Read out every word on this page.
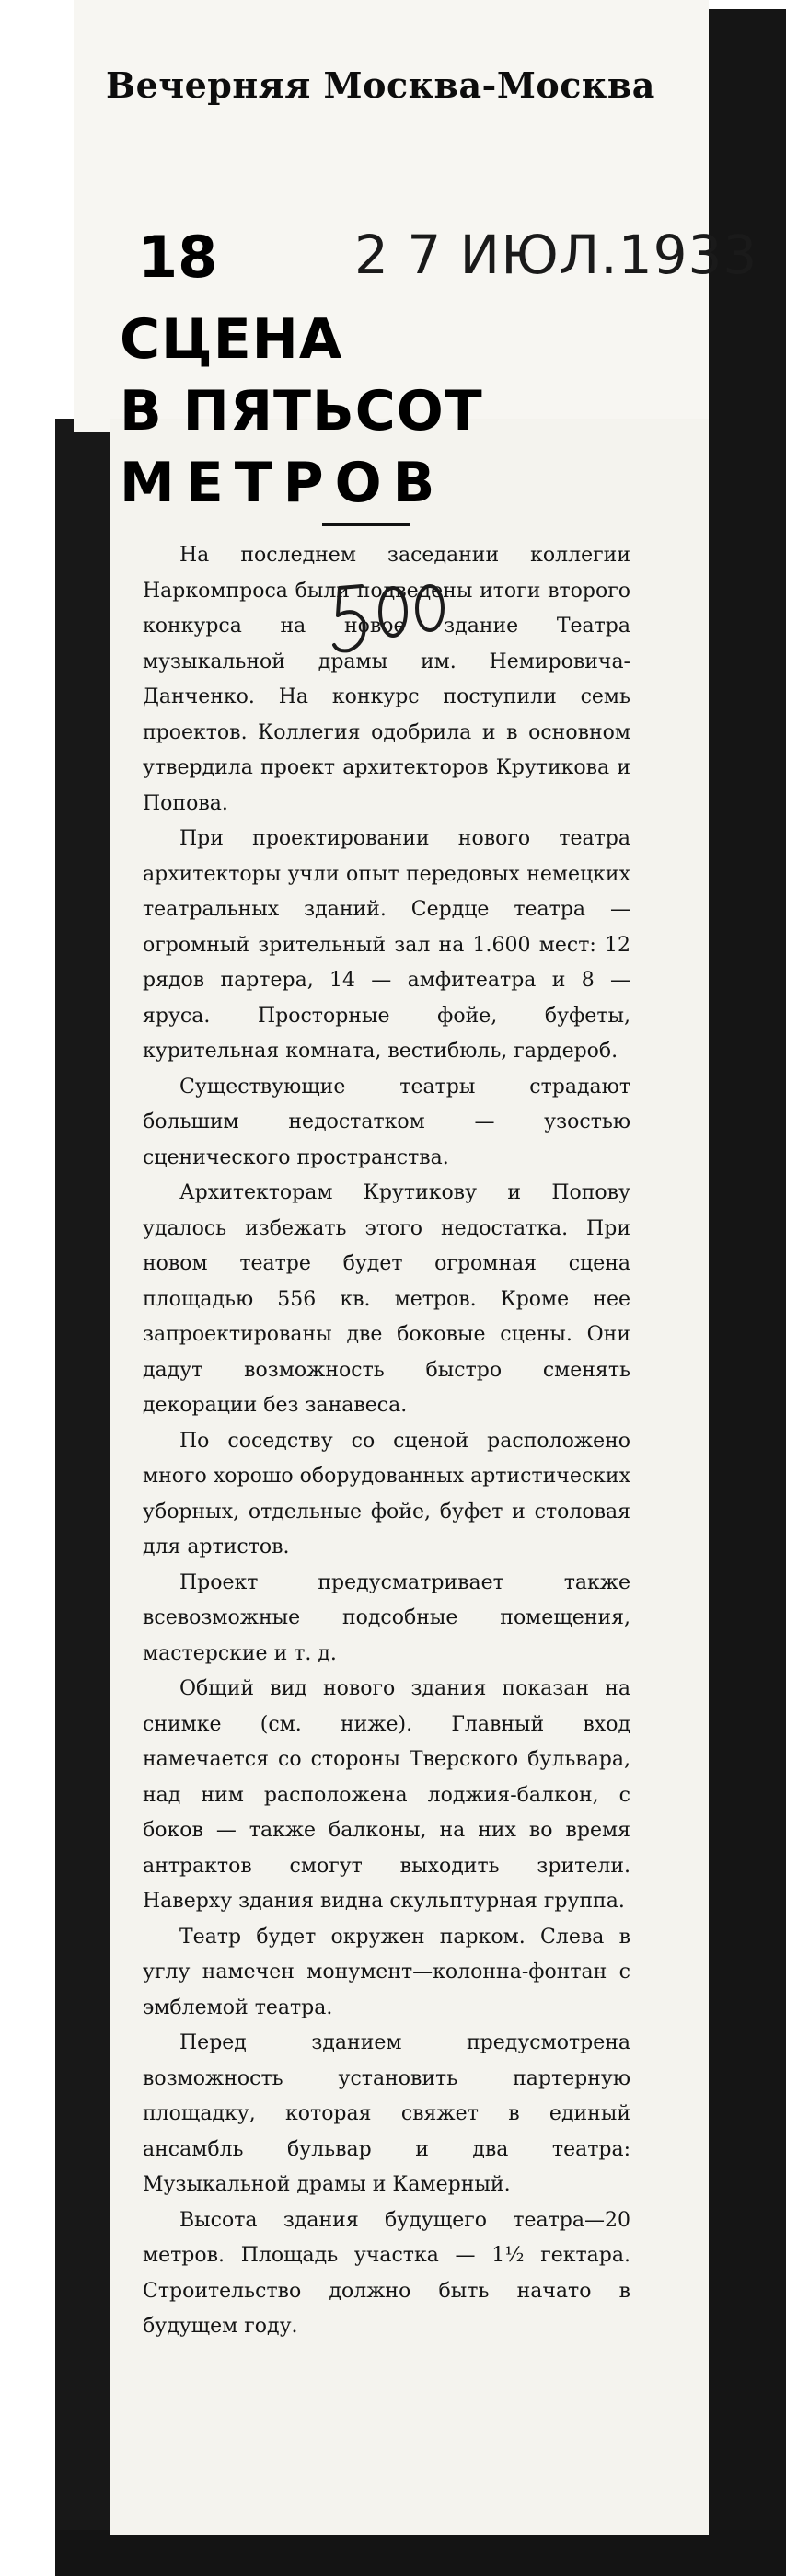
Вечерняя Москва-Москва
18	2 7 ИЮЛ.1933
СЦЕНА
В ПЯТЬСОТ
МЕТРОВ

На последнем заседании коллегии Наркомпроса были подведены итоги второго конкурса на новое здание Театра музыкальной драмы им. Немировича-Данченко. На конкурс поступили семь проектов. Коллегия одобрила и в основном утвердила проект архитекторов Крутикова и Попова.

При проектировании нового театра архитекторы учли опыт передовых немецких театральных зданий. Сердце театра — огромный зрительный зал на 1.600 мест: 12 рядов партера, 14 — амфитеатра и 8 — яруса. Просторные фойе, буфеты, курительная комната, вестибюль, гардероб.

Существующие театры страдают большим недостатком — узостью сценического пространства.

Архитекторам Крутикову и Попову удалось избежать этого недостатка. При новом театре будет огромная сцена площадью 556 кв. метров. Кроме нее запроектированы две боковые сцены. Они дадут возможность быстро сменять декорации без занавеса.

По соседству со сценой расположено много хорошо оборудованных артистических уборных, отдельные фойе, буфет и столовая для артистов.

Проект предусматривает также всевозможные подсобные помещения, мастерские и т. д.

Общий вид нового здания показан на снимке (см. ниже). Главный вход намечается со стороны Тверского бульвара, над ним расположена лоджия-балкон, с боков — также балконы, на них во время антрактов смогут выходить зрители. Наверху здания видна скульптурная группа.

Театр будет окружен парком. Слева в углу намечен монумент—колонна-фонтан с эмблемой театра.

Перед зданием предусмотрена возможность установить партерную площадку, которая свяжет в единый ансамбль бульвар и два театра: Музыкальной драмы и Камерный.

Высота здания будущего театра—20 метров. Площадь участка — 1½ гектара. Строительство должно быть начато в будущем году.
